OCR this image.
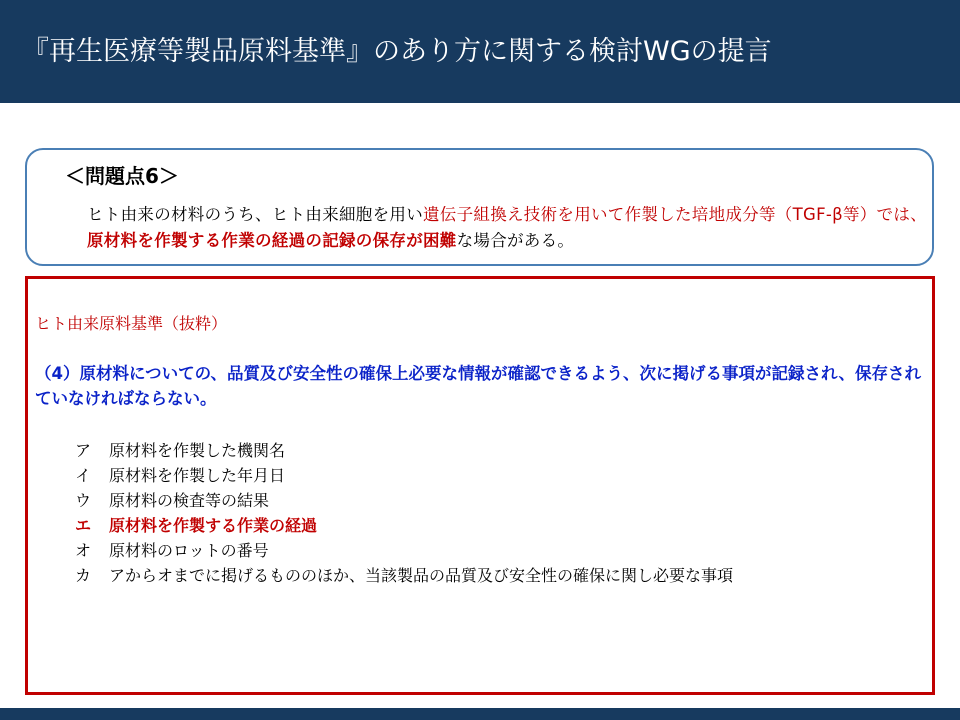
『再生医療等製品原料基準』のあり方に関する検討WGの提言
＜問題点6＞
ヒト由来の材料のうち、ヒト由来細胞を用い遺伝子組換え技術を用いて作製した培地成分等（TGF-β等）では、原材料を作製する作業の経過の記録の保存が困難な場合がある。
ヒト由来原料基準（抜粋）
（4）原材料についての、品質及び安全性の確保上必要な情報が確認できるよう、次に掲げる事項が記録され、保存されていなければならない。
ア	原材料を作製した機関名
イ	原材料を作製した年月日
ウ	原材料の検査等の結果
エ	原材料を作製する作業の経過
オ	原材料のロットの番号
カ	アからオまでに掲げるもののほか、当該製品の品質及び安全性の確保に関し必要な事項
